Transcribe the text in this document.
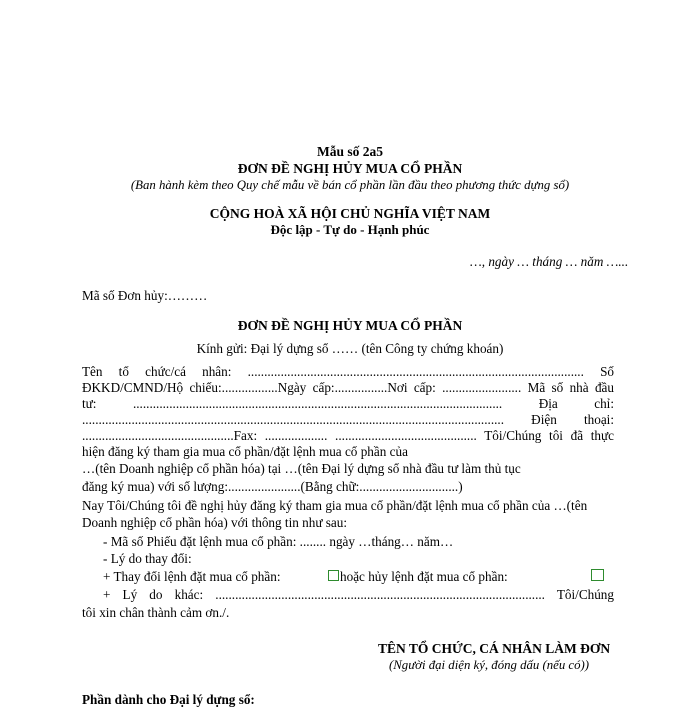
Mẫu số 2a5
ĐƠN ĐỀ NGHỊ HỦY MUA CỔ PHẦN
(Ban hành kèm theo Quy chế mẫu về bán cổ phần lần đầu theo phương thức dựng sổ)
CỘNG HOÀ XÃ HỘI CHỦ NGHĨA VIỆT NAM
Độc lập - Tự do - Hạnh phúc
…, ngày … tháng … năm …...
Mã số Đơn hủy:………
ĐƠN ĐỀ NGHỊ HỦY MUA CỔ PHẦN
Kính gửi: Đại lý dựng sổ …… (tên Công ty chứng khoán)
Tên tổ chức/cá nhân: ...................................................................................................... Số
ĐKKD/CMND/Hộ chiếu:.................Ngày cấp:................Nơi cấp: ........................ Mã số nhà đầu
tư: ................................................................................................................ Địa chỉ:
................................................................................................................................ Điện thoại:
..............................................Fax: ................... ........................................... Tôi/Chúng tôi đã thực
hiện đăng ký tham gia mua cổ phần/đặt lệnh mua cổ phần của
…(tên Doanh nghiệp cổ phần hóa) tại …(tên Đại lý dựng sổ nhà đầu tư làm thủ tục
đăng ký mua) với số lượng:......................(Bằng chữ:..............................)
Nay Tôi/Chúng tôi đề nghị hủy đăng ký tham gia mua cổ phần/đặt lệnh mua cổ phần của …(tên
Doanh nghiệp cổ phần hóa) với thông tin như sau:
- Mã số Phiếu đặt lệnh mua cổ phần: ........ ngày …tháng… năm…
- Lý do thay đổi:
+ Thay đổi lệnh đặt mua cổ phần:	hoặc hủy lệnh đặt mua cổ phần:
+ Lý do khác: .................................................................................................... Tôi/Chúng
tôi xin chân thành cảm ơn./.
TÊN TỔ CHỨC, CÁ NHÂN LÀM ĐƠN
(Người đại diện ký, đóng dấu (nếu có))
Phần dành cho Đại lý dựng sổ:
